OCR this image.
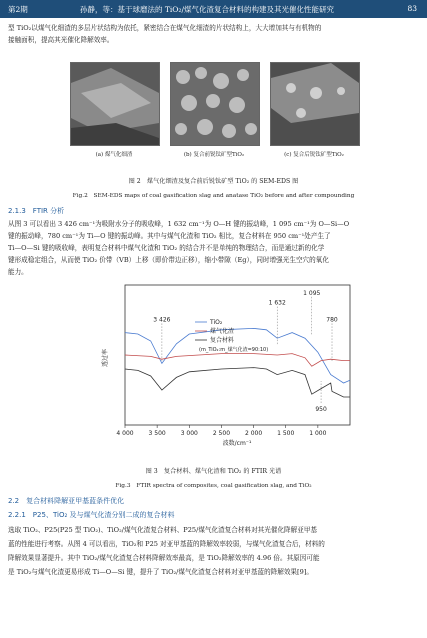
第2期	孙静，等：基于球磨法的 TiO₂/煤气化渣复合材料的构建及其光催化性能研究	83

型 TiO₂以煤气化细渣的多层片状结构为依托，紧密结合在煤气化细渣的片状结构上，大大增加其与有机物的

接触面积，提高其光催化降解效率。

(a) 煤气化细渣	(b) 复合前锐钛矿型TiO₂	(c) 复合后锐钛矿型TiO₂
图 2　煤气化细渣及复合前后锐钛矿型 TiO₂ 的 SEM-EDS 图
Fig.2　SEM-EDS maps of coal gasification slag and anatase TiO₂ before and after compounding
2.1.3　FTIR 分析

从图 3 可以看出 3 426 cm⁻¹为吸附水分子的吸收峰，1 632 cm⁻¹为 O—H 键的振动峰，1 095 cm⁻¹为 O—Si—O

键的振动峰，780 cm⁻¹为 Ti—O 键的振动峰。其中与煤气化渣和 TiO₂ 相比，复合材料在 950 cm⁻¹处产生了

Ti—O—Si 键的吸收峰，表明复合材料中煤气化渣和 TiO₂ 的结合并不是单纯的物理结合，而是通过新的化学

键形成稳定组合，从而使 TiO₂ 价带（VB）上移（即价带边正移），缩小带隙（Eg），同时增强光生空穴的氧化

能力。

透过率
波数/cm⁻¹
4 000 3 500 3 000 2 500 2 000 1 500 1 000
3 426
1 632
1 095
780
950
TiO₂
煤气化渣
复合材料
(m_TiO₂:m_煤气化渣=90:10)
图 3　复合材料、煤气化渣和 TiO₂ 的 FTIR 光谱
Fig.3　FTIR spectra of composites, coal gasification slag, and TiO₂
2.2　复合材料降解亚甲基蓝条件优化
2.2.1　P25、TiO₂ 及与煤气化渣分别二成的复合材料

选取 TiO₂、P25(P25 型 TiO₂)、TiO₂/煤气化渣复合材料、P25/煤气化渣复合材料对其光催化降解亚甲基

蓝的性能进行考察。从图 4 可以看出，TiO₂和 P25 对亚甲基蓝的降解效率较弱，与煤气化渣复合后，材料的

降解效果显著提升。其中 TiO₂/煤气化渣复合材料降解效率最高，是 TiO₂降解效率的 4.96 倍。其原因可能

是 TiO₂与煤气化渣更易形成 Ti—O—Si 键，提升了 TiO₂/煤气化渣复合材料对亚甲基蓝的降解效果[9]。
